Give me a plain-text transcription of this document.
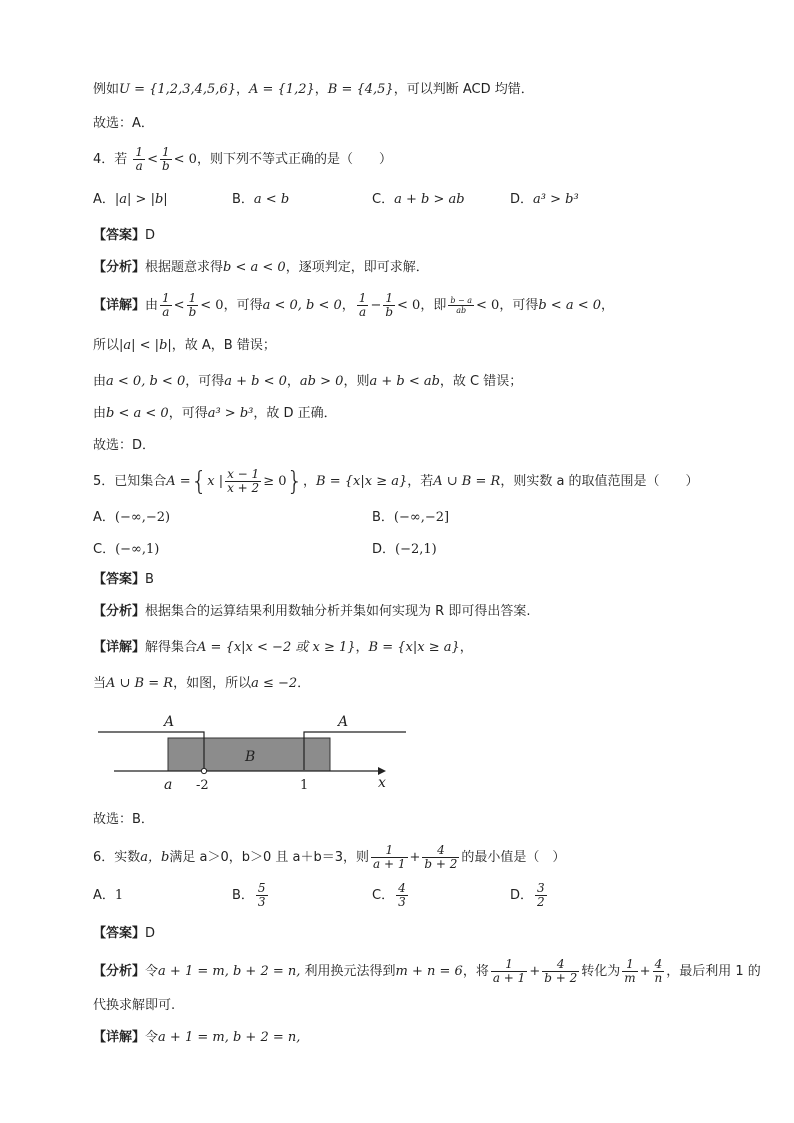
例如U = {1,2,3,4,5,6}，A = {1,2}，B = {4,5}，可以判断 ACD 均错．
故选：A．
4．若 $\frac{1}{a} < \frac{1}{b} < 0$，则下列不等式正确的是（　　）
A．|a| > |b|	B．a < b	C．a + b > ab	D．a³ > b³
【答案】D
【分析】根据题意求得b < a < 0，逐项判定，即可求解．
【详解】由 $\frac{1}{a} < \frac{1}{b} < 0$，可得a < 0, b < 0， $\frac{1}{a} - \frac{1}{b} < 0$，即 $\frac{b - a}{ab} < 0$，可得b < a < 0，
所以|a| < |b|，故 A，B 错误；
由a < 0, b < 0，可得a + b < 0，ab > 0，则a + b < ab，故 C 错误；
由b < a < 0，可得a³ > b³，故 D 正确．
故选：D．
5．已知集合A ={x | $\frac{x - 1}{x + 2} \ge 0$}，B = {x|x ≥ a}，若A ∪ B = R，则实数 a 的取值范围是（　　）
A．(−∞,−2)	B．(−∞,−2]
C．(−∞,1)	D．(−2,1)
【答案】B
【分析】根据集合的运算结果利用数轴分析并集如何实现为 R 即可得出答案.
【详解】解得集合A = {x|x < −2 或 x ≥ 1}，B = {x|x ≥ a}，
当A ∪ B = R，如图，所以a ≤ −2．
A	A
B
a -2	1	x
故选：B．
6．实数a，b满足 a＞0，b＞0 且 a＋b＝3，则 $\frac{1}{a + 1} + \frac{4}{b + 2}$ 的最小值是（　）
A．1	B． $\frac{5}{3}$	C． $\frac{4}{3}$	D． $\frac{3}{2}$
【答案】D
【分析】令a + 1 = m, b + 2 = n, 利用换元法得到m + n = 6，将 $\frac{1}{a + 1} + \frac{4}{b + 2}$ 转化为 $\frac{1}{m} + \frac{4}{n}$ ，最后利用 1 的
代换求解即可.
【详解】令a + 1 = m, b + 2 = n,
